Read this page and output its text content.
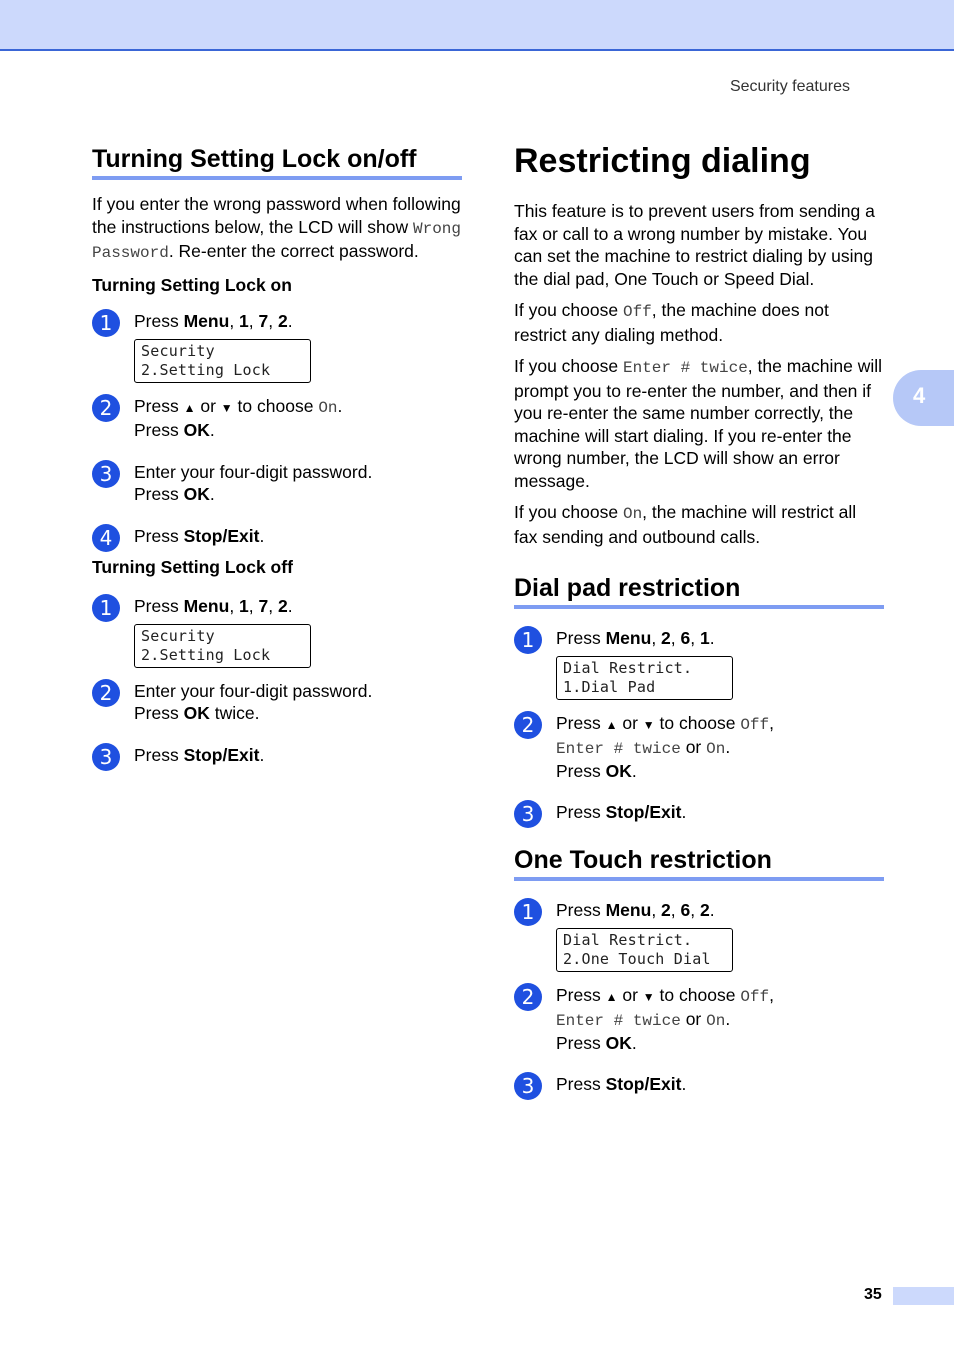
Security features
4
Turning Setting Lock on/off

If you enter the wrong password when following the instructions below, the LCD will show Wrong Password. Re-enter the correct password.

Turning Setting Lock on
1	Press Menu, 1, 7, 2.
Security
2.Setting Lock
2	Press ▲ or ▼ to choose On.
Press OK.
3	Enter your four-digit password.
Press OK.
4	Press Stop/Exit.
Turning Setting Lock off
1	Press Menu, 1, 7, 2.
Security
2.Setting Lock
2	Enter your four-digit password.
Press OK twice.
3	Press Stop/Exit.
Restricting dialing

This feature is to prevent users from sending a fax or call to a wrong number by mistake. You can set the machine to restrict dialing by using the dial pad, One Touch or Speed Dial.

If you choose Off, the machine does not restrict any dialing method.

If you choose Enter # twice, the machine will prompt you to re-enter the number, and then if you re-enter the same number correctly, the machine will start dialing. If you re-enter the wrong number, the LCD will show an error message.

If you choose On, the machine will restrict all fax sending and outbound calls.

Dial pad restriction
1	Press Menu, 2, 6, 1.
Dial Restrict.
1.Dial Pad
2	Press ▲ or ▼ to choose Off,
Enter # twice or On.
Press OK.
3	Press Stop/Exit.
One Touch restriction
1	Press Menu, 2, 6, 2.
Dial Restrict.
2.One Touch Dial
2	Press ▲ or ▼ to choose Off,
Enter # twice or On.
Press OK.
3	Press Stop/Exit.
35
